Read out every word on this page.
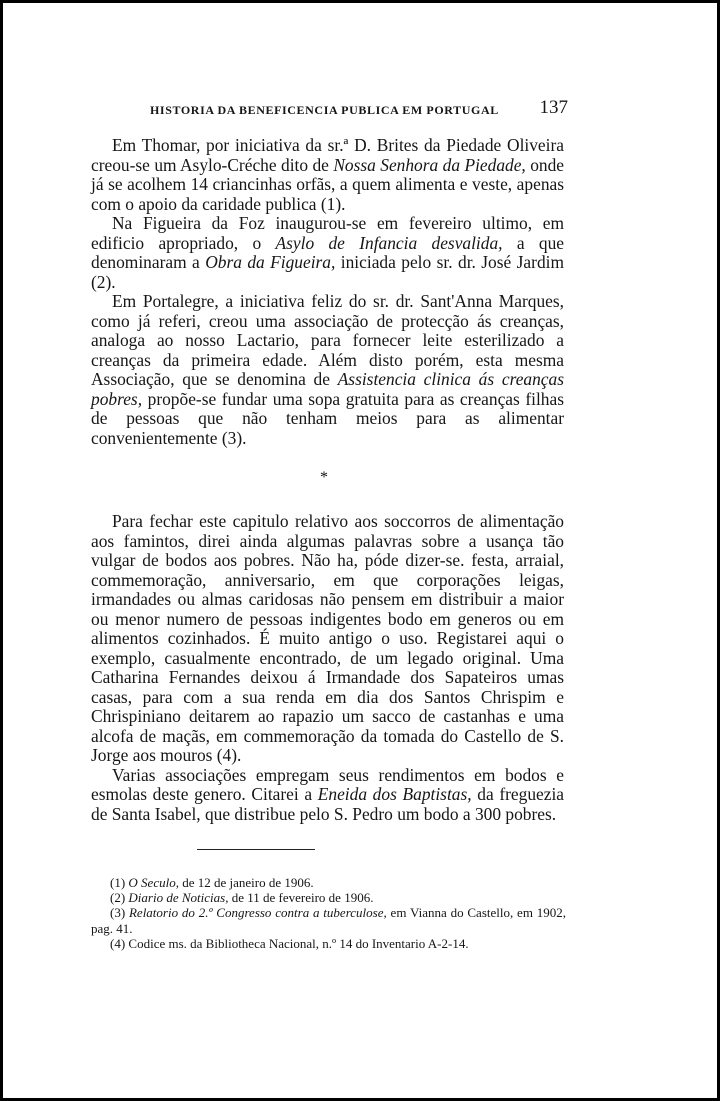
HISTORIA DA BENEFICENCIA PUBLICA EM PORTUGAL 137

Em Thomar, por iniciativa da sr.ª D. Brites da Piedade Oliveira creou-se um Asylo-Créche dito de Nossa Senhora da Piedade, onde já se acolhem 14 criancinhas orfãs, a quem alimenta e veste, apenas com o apoio da caridade publica (1).

Na Figueira da Foz inaugurou-se em fevereiro ultimo, em edificio apropriado, o Asylo de Infancia desvalida, a que denominaram a Obra da Figueira, iniciada pelo sr. dr. José Jardim (2).

Em Portalegre, a iniciativa feliz do sr. dr. Sant'Anna Marques, como já referi, creou uma associação de protecção ás creanças, analoga ao nosso Lactario, para fornecer leite esterilizado a creanças da primeira edade. Além disto porém, esta mesma Associação, que se denomina de Assistencia clinica ás creanças pobres, propõe-se fundar uma sopa gratuita para as creanças filhas de pessoas que não tenham meios para as alimentar convenientemente (3).

*

Para fechar este capitulo relativo aos soccorros de alimentação aos famintos, direi ainda algumas palavras sobre a usança tão vulgar de bodos aos pobres. Não ha, póde dizer-se. festa, arraial, commemoração, anniversario, em que corporações leigas, irmandades ou almas caridosas não pensem em distribuir a maior ou menor numero de pessoas indigentes bodo em generos ou em alimentos cozinhados. É muito antigo o uso. Registarei aqui o exemplo, casualmente encontrado, de um legado original. Uma Catharina Fernandes deixou á Irmandade dos Sapateiros umas casas, para com a sua renda em dia dos Santos Chrispim e Chrispiniano deitarem ao rapazio um sacco de castanhas e uma alcofa de maçãs, em commemoração da tomada do Castello de S. Jorge aos mouros (4).

Varias associações empregam seus rendimentos em bodos e esmolas deste genero. Citarei a Eneida dos Baptistas, da freguezia de Santa Isabel, que distribue pelo S. Pedro um bodo a 300 pobres.

(1) O Seculo, de 12 de janeiro de 1906.

(2) Diario de Noticias, de 11 de fevereiro de 1906.

(3) Relatorio do 2.º Congresso contra a tuberculose, em Vianna do Castello, em 1902, pag. 41.

(4) Codice ms. da Bibliotheca Nacional, n.º 14 do Inventario A-2-14.
